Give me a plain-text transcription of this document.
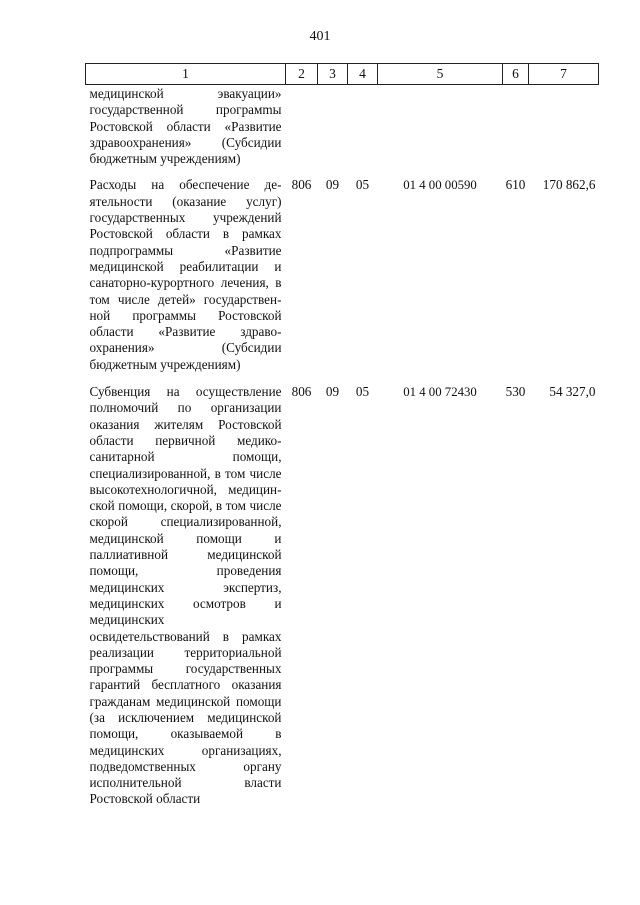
401
1	2	3	4	5	6	7
медицинской эвакуации» государственной програмmы Ростовской области «Развитие здравоохранения» (Субсидии бюджетным учреждениям)						
Расходы на обеспечение деятельности (оказание услуг) государственных учреждений Ростовской области в рамках подпрограммы «Развитие медицинской реабилитации и санаторно-курортного лечения, в том числе детей» государственной программы Ростовской области «Развитие здравоохранения» (Субсидии бюджетным учреждениям)	806	09	05	01 4 00 00590	610	170 862,6
Субвенция на осуществление полномочий по организации оказания жителям Ростовской области первичной медико-санитарной помощи, специализированной, в том числе высокотехнологичной, медицинской помощи, скорой, в том числе скорой специализированной, медицинской помощи и паллиативной медицинской помощи, проведения медицинских экспертиз, медицинских осмотров и медицинских освидетельствований в рамках реализации территориальной программы государственных гарантий бесплатного оказания гражданам медицинской помощи (за исключением медицинской помощи, оказываемой в медицинских организациях, подведомственных органу исполнительной власти Ростовской области	806	09	05	01 4 00 72430	530	54 327,0
